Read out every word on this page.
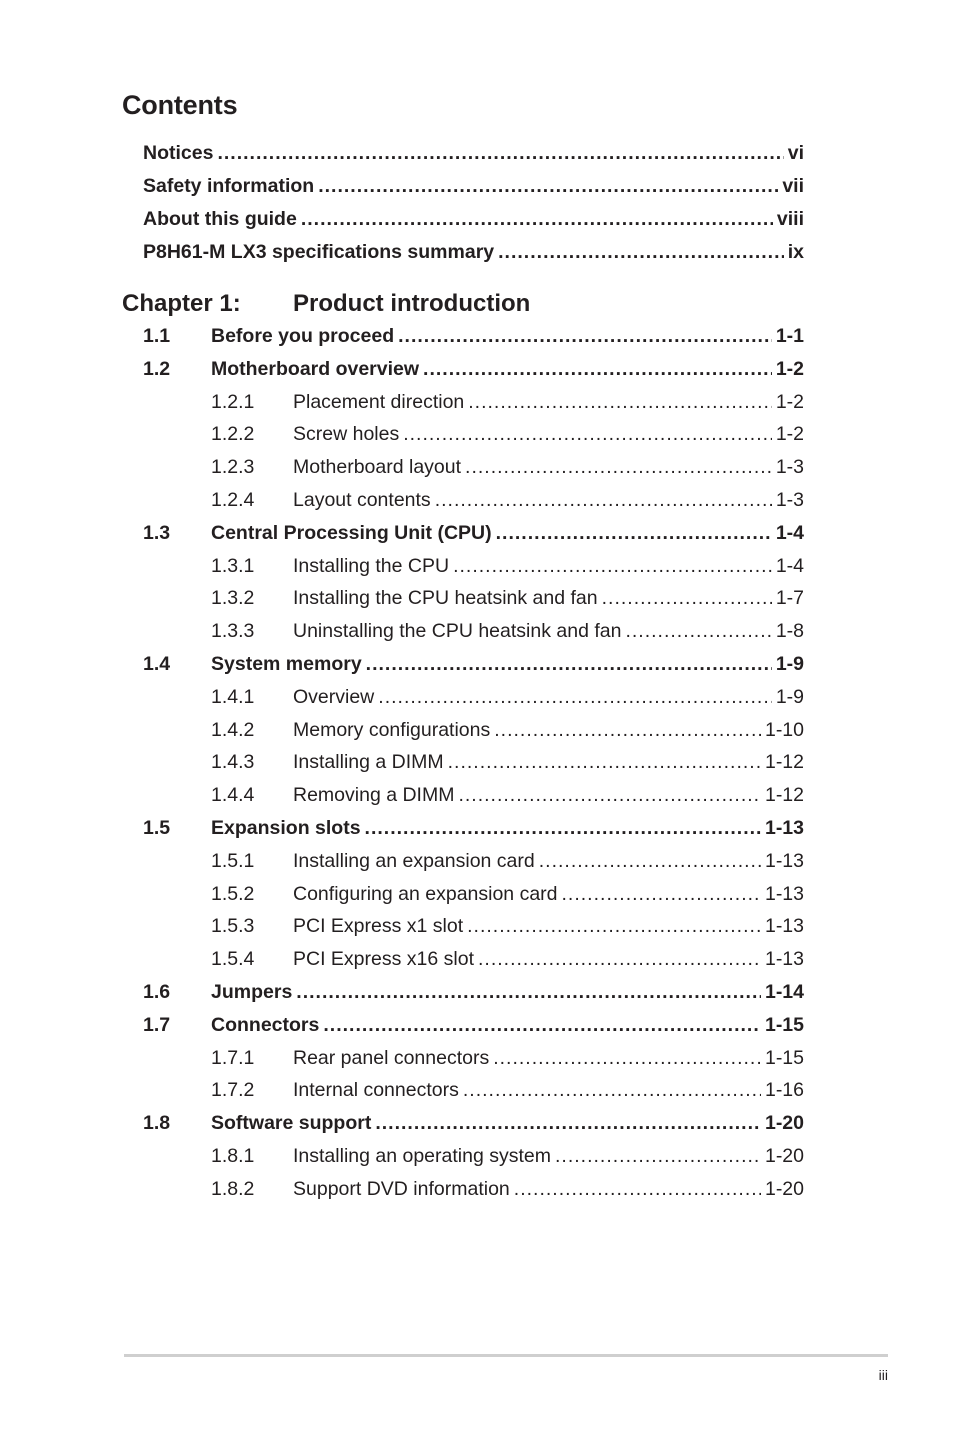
Contents
Notices .....	vi
Safety information .....	vii
About this guide .....	viii
P8H61-M LX3 specifications summary .....	ix
Chapter 1: Product introduction
1.1 Before you proceed .....	1-1
1.2 Motherboard overview .....	1-2
1.2.1 Placement direction .....	1-2
1.2.2 Screw holes .....	1-2
1.2.3 Motherboard layout .....	1-3
1.2.4 Layout contents .....	1-3
1.3 Central Processing Unit (CPU) .....	1-4
1.3.1 Installing the CPU .....	1-4
1.3.2 Installing the CPU heatsink and fan .....	1-7
1.3.3 Uninstalling the CPU heatsink and fan .....	1-8
1.4 System memory .....	1-9
1.4.1 Overview .....	1-9
1.4.2 Memory configurations .....	1-10
1.4.3 Installing a DIMM .....	1-12
1.4.4 Removing a DIMM .....	1-12
1.5 Expansion slots .....	1-13
1.5.1 Installing an expansion card .....	1-13
1.5.2 Configuring an expansion card .....	1-13
1.5.3 PCI Express x1 slot .....	1-13
1.5.4 PCI Express x16 slot .....	1-13
1.6 Jumpers .....	1-14
1.7 Connectors .....	1-15
1.7.1 Rear panel connectors .....	1-15
1.7.2 Internal connectors .....	1-16
1.8 Software support .....	1-20
1.8.1 Installing an operating system .....	1-20
1.8.2 Support DVD information .....	1-20
iii
